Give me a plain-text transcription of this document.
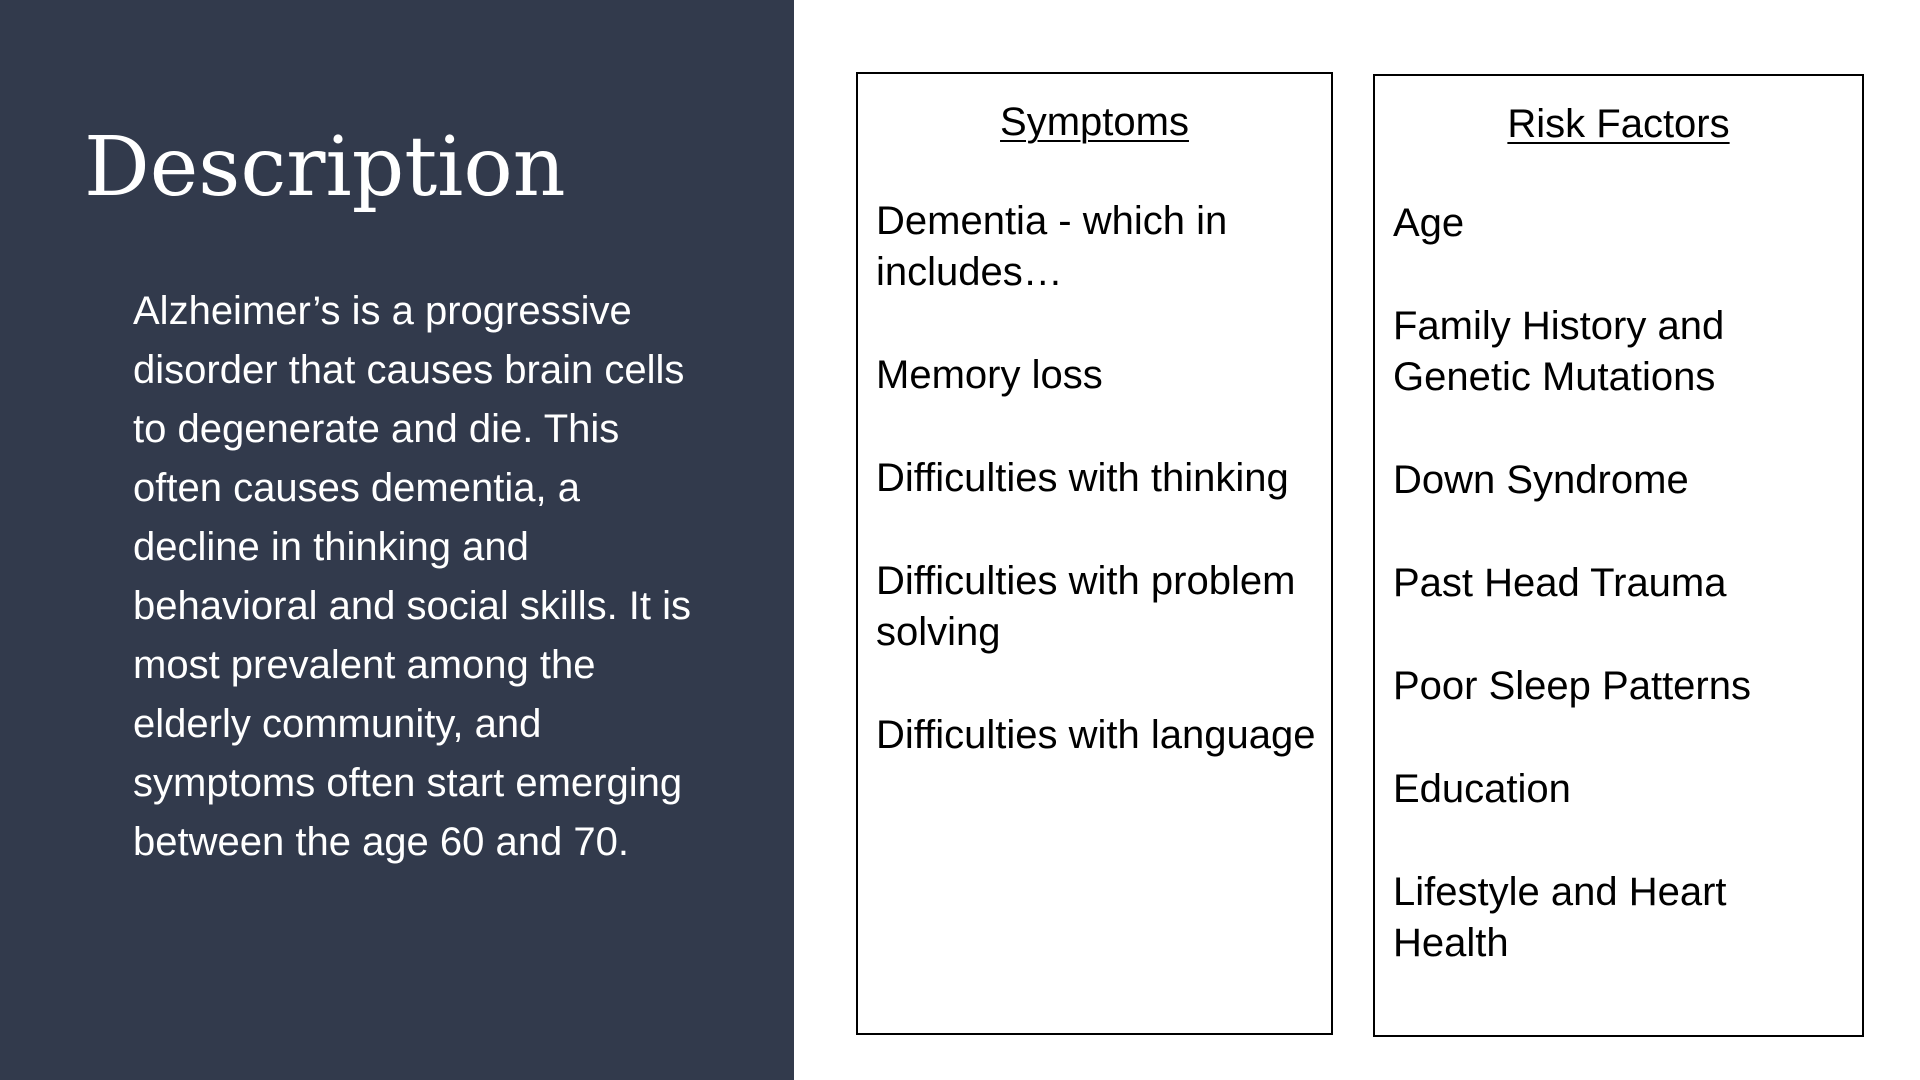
Description

Alzheimer’s is a progressive disorder that causes brain cells to degenerate and die. This often causes dementia, a decline in thinking and behavioral and social skills. It is most prevalent among the elderly community, and symptoms often start emerging between the age 60 and 70.

Symptoms
Dementia - which in includes…
Memory loss
Difficulties with thinking
Difficulties with problem solving
Difficulties with language
Risk Factors
Age
Family History and Genetic Mutations
Down Syndrome
Past Head Trauma
Poor Sleep Patterns
Education
Lifestyle and Heart Health
